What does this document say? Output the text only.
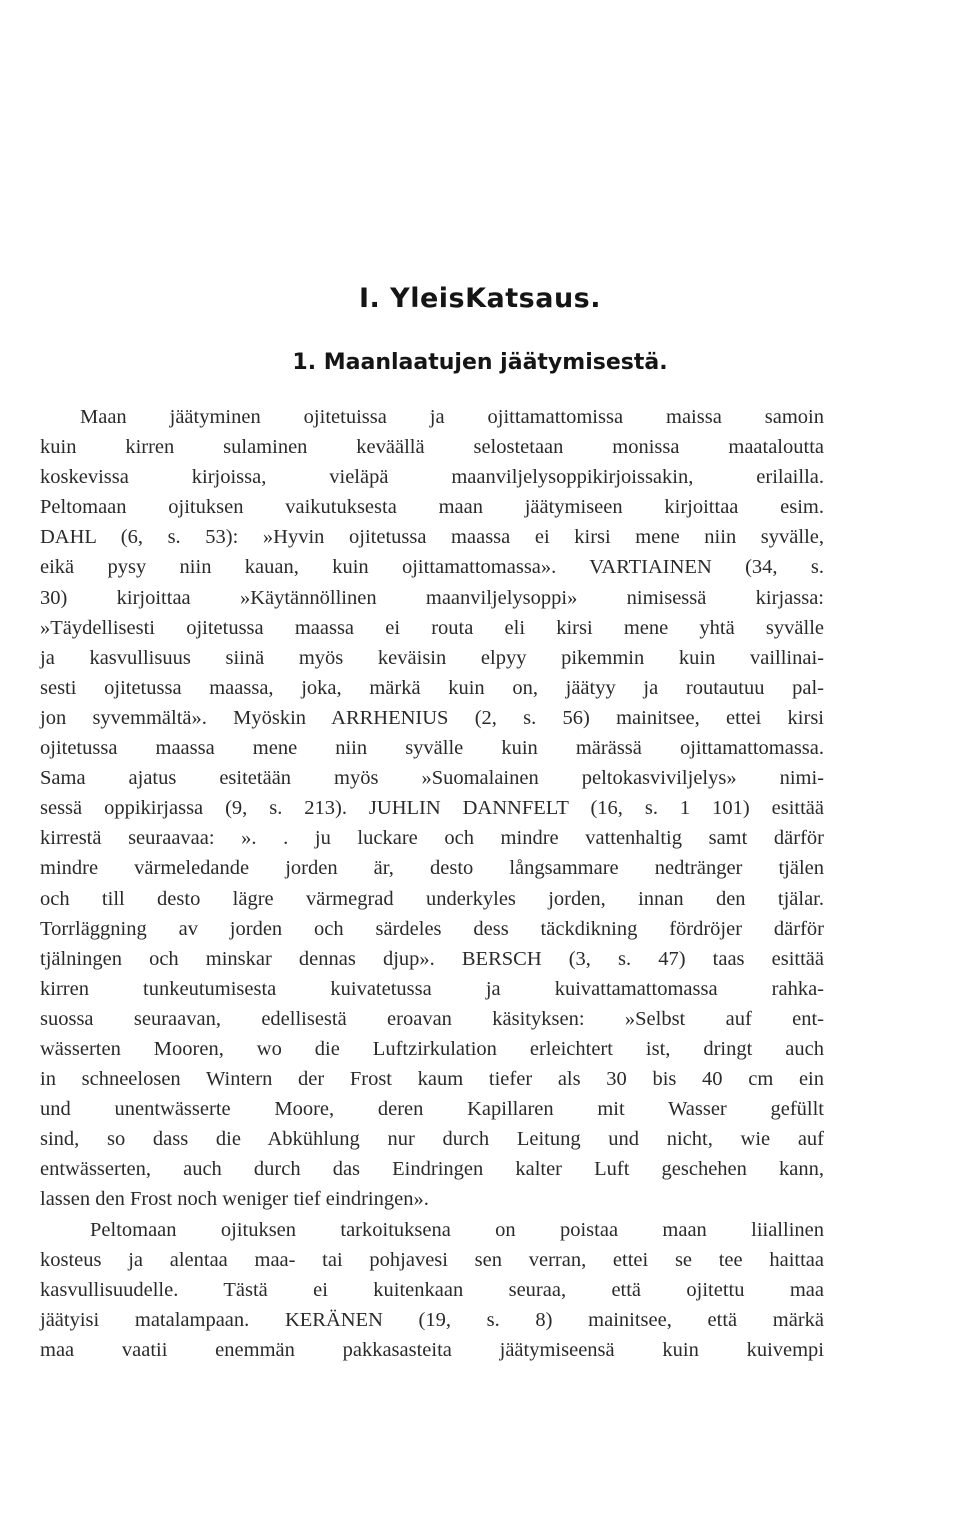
I. YleisKatsaus.
1. Maanlaatujen jäätymisestä.
Maan jäätyminen ojitetuissa ja ojittamattomissa maissa samoin
kuin kirren sulaminen keväällä selostetaan monissa maataloutta
koskevissa kirjoissa, vieläpä maanviljelysoppikirjoissakin, erilailla.
Peltomaan ojituksen vaikutuksesta maan jäätymiseen kirjoittaa esim.
DAHL (6, s. 53): »Hyvin ojitetussa maassa ei kirsi mene niin syvälle,
eikä pysy niin kauan, kuin ojittamattomassa». VARTIAINEN (34, s.
30) kirjoittaa »Käytännöllinen maanviljelysoppi» nimisessä kirjassa:
»Täydellisesti ojitetussa maassa ei routa eli kirsi mene yhtä syvälle
ja kasvullisuus siinä myös keväisin elpyy pikemmin kuin vaillinai-
sesti ojitetussa maassa, joka, märkä kuin on, jäätyy ja routautuu pal-
jon syvemmältä». Myöskin ARRHENIUS (2, s. 56) mainitsee, ettei kirsi
ojitetussa maassa mene niin syvälle kuin märässä ojittamattomassa.
Sama ajatus esitetään myös »Suomalainen peltokasviviljelys» nimi-
sessä oppikirjassa (9, s. 213). JUHLIN DANNFELT (16, s. 1 101) esittää
kirrestä seuraavaa: ». . ju luckare och mindre vattenhaltig samt därför
mindre värmeledande jorden är, desto långsammare nedtränger tjälen
och till desto lägre värmegrad underkyles jorden, innan den tjälar.
Torrläggning av jorden och särdeles dess täckdikning fördröjer därför
tjälningen och minskar dennas djup». BERSCH (3, s. 47) taas esittää
kirren tunkeutumisesta kuivatetussa ja kuivattamattomassa rahka-
suossa seuraavan, edellisestä eroavan käsityksen: »Selbst auf ent-
wässerten Mooren, wo die Luftzirkulation erleichtert ist, dringt auch
in schneelosen Wintern der Frost kaum tiefer als 30 bis 40 cm ein
und unentwässerte Moore, deren Kapillaren mit Wasser gefüllt
sind, so dass die Abkühlung nur durch Leitung und nicht, wie auf
entwässerten, auch durch das Eindringen kalter Luft geschehen kann,
lassen den Frost noch weniger tief eindringen».
Peltomaan ojituksen tarkoituksena on poistaa maan liiallinen
kosteus ja alentaa maa- tai pohjavesi sen verran, ettei se tee haittaa
kasvullisuudelle. Tästä ei kuitenkaan seuraa, että ojitettu maa
jäätyisi matalampaan. KERÄNEN (19, s. 8) mainitsee, että märkä
maa vaatii enemmän pakkasasteita jäätymiseensä kuin kuivempi
